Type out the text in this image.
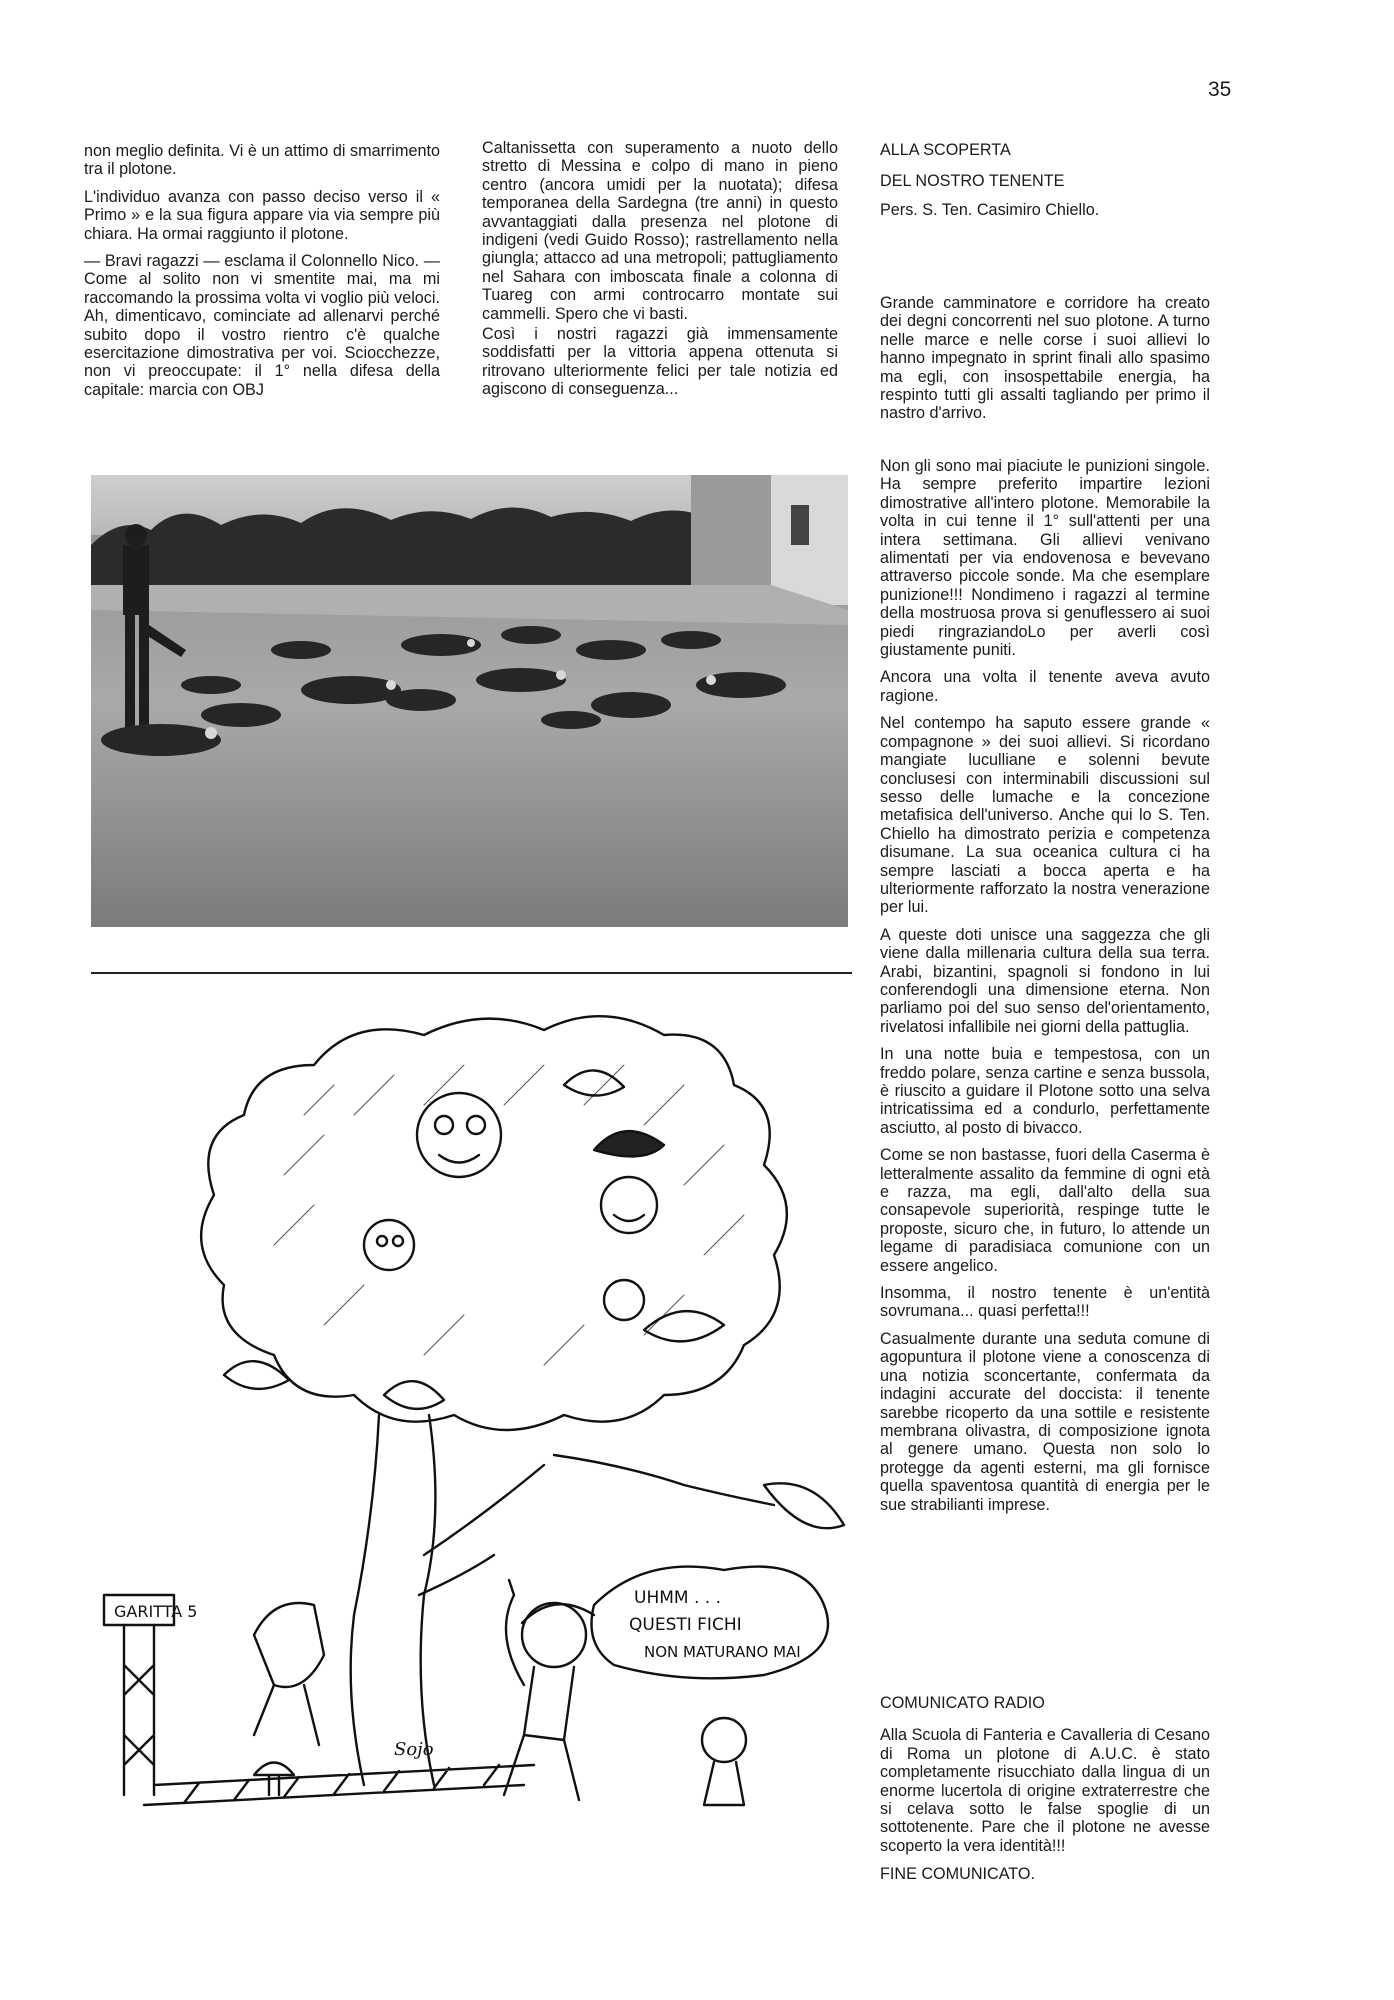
35

non meglio definita. Vi è un attimo di smarrimento tra il plotone.

L'individuo avanza con passo deciso verso il « Primo » e la sua figura appare via via sempre più chiara. Ha ormai raggiunto il plotone.

— Bravi ragazzi — esclama il Colonnello Nico. — Come al solito non vi smentite mai, ma mi raccomando la prossima volta vi voglio più veloci. Ah, dimenticavo, cominciate ad allenarvi perché subito dopo il vostro rientro c'è qualche esercitazione dimostrativa per voi. Sciocchezze, non vi preoccupate: il 1° nella difesa della capitale: marcia con OBJ

Caltanissetta con superamento a nuoto dello stretto di Messina e colpo di mano in pieno centro (ancora umidi per la nuotata); difesa temporanea della Sardegna (tre anni) in questo avvantaggiati dalla presenza nel plotone di indigeni (vedi Guido Rosso); rastrellamento nella giungla; attacco ad una metropoli; pattugliamento nel Sahara con imboscata finale a colonna di Tuareg con armi controcarro montate sui cammelli. Spero che vi basti.

Così i nostri ragazzi già immensamente soddisfatti per la vittoria appena ottenuta si ritrovano ulteriormente felici per tale notizia ed agiscono di conseguenza...

ALLA SCOPERTA

DEL NOSTRO TENENTE

Pers. S. Ten. Casimiro Chiello.

Grande camminatore e corridore ha creato dei degni concorrenti nel suo plotone. A turno nelle marce e nelle corse i suoi allievi lo hanno impegnato in sprint finali allo spasimo ma egli, con insospettabile energia, ha respinto tutti gli assalti tagliando per primo il nastro d'arrivo.

Non gli sono mai piaciute le punizioni singole. Ha sempre preferito impartire lezioni dimostrative all'intero plotone. Memorabile la volta in cui tenne il 1° sull'attenti per una intera settimana. Gli allievi venivano alimentati per via endovenosa e bevevano attraverso piccole sonde. Ma che esemplare punizione!!! Nondimeno i ragazzi al termine della mostruosa prova si genuflessero ai suoi piedi ringraziandoLo per averli così giustamente puniti.

Ancora una volta il tenente aveva avuto ragione.

Nel contempo ha saputo essere grande « compagnone » dei suoi allievi. Si ricordano mangiate luculliane e solenni bevute conclusesi con interminabili discussioni sul sesso delle lumache e la concezione metafisica dell'universo. Anche qui lo S. Ten. Chiello ha dimostrato perizia e competenza disumane. La sua oceanica cultura ci ha sempre lasciati a bocca aperta e ha ulteriormente rafforzato la nostra venerazione per lui.

A queste doti unisce una saggezza che gli viene dalla millenaria cultura della sua terra. Arabi, bizantini, spagnoli si fondono in lui conferendogli una dimensione eterna. Non parliamo poi del suo senso del'orientamento, rivelatosi infallibile nei giorni della pattuglia.

In una notte buia e tempestosa, con un freddo polare, senza cartine e senza bussola, è riuscito a guidare il Plotone sotto una selva intricatissima ed a condurlo, perfettamente asciutto, al posto di bivacco.

Come se non bastasse, fuori della Caserma è letteralmente assalito da femmine di ogni età e razza, ma egli, dall'alto della sua consapevole superiorità, respinge tutte le proposte, sicuro che, in futuro, lo attende un legame di paradisiaca comunione con un essere angelico.

Insomma, il nostro tenente è un'entità sovrumana... quasi perfetta!!!

Casualmente durante una seduta comune di agopuntura il plotone viene a conoscenza di una notizia sconcertante, confermata da indagini accurate del doccista: il tenente sarebbe ricoperto da una sottile e resistente membrana olivastra, di composizione ignota al genere umano. Questa non solo lo protegge da agenti esterni, ma gli fornisce quella spaventosa quantità di energia per le sue strabilianti imprese.

COMUNICATO RADIO

Alla Scuola di Fanteria e Cavalleria di Cesano di Roma un plotone di A.U.C. è stato completamente risucchiato dalla lingua di un enorme lucertola di origine extraterrestre che si celava sotto le false spoglie di un sottotenente. Pare che il plotone ne avesse scoperto la vera identità!!!

FINE COMUNICATO.

GARITTA 5
UHMM . . .
QUESTI FICHI
NON MATURANO MAI
Sojo
